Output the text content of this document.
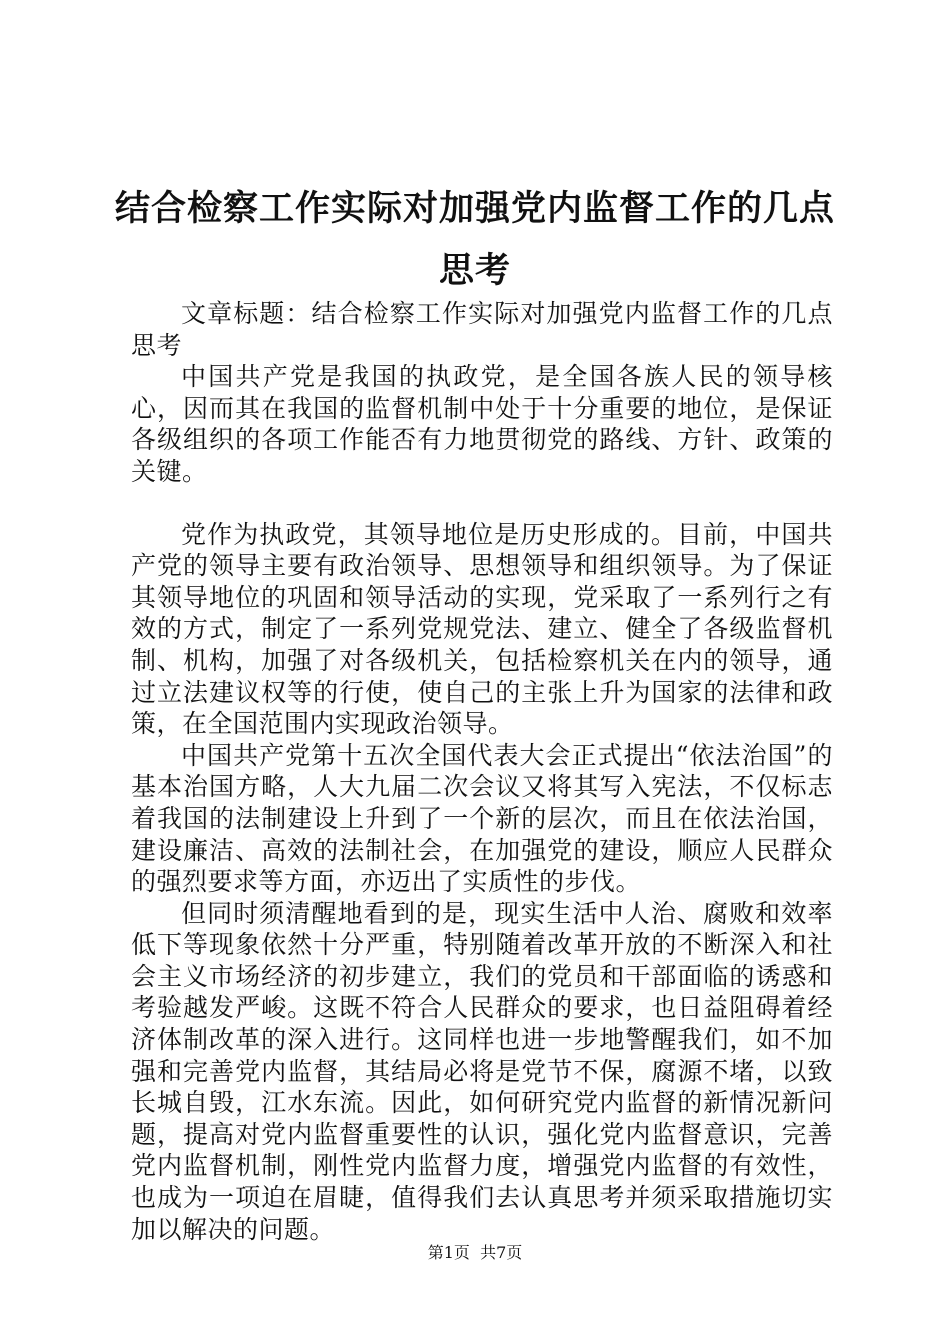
结合检察工作实际对加强党内监督工作的几点思考

文章标题：结合检察工作实际对加强党内监督工作的几点思考

中国共产党是我国的执政党，是全国各族人民的领导核心，因而其在我国的监督机制中处于十分重要的地位，是保证各级组织的各项工作能否有力地贯彻党的路线、方针、政策的关键。

党作为执政党，其领导地位是历史形成的。目前，中国共产党的领导主要有政治领导、思想领导和组织领导。为了保证其领导地位的巩固和领导活动的实现，党采取了一系列行之有效的方式，制定了一系列党规党法、建立、健全了各级监督机制、机构，加强了对各级机关，包括检察机关在内的领导，通过立法建议权等的行使，使自己的主张上升为国家的法律和政策，在全国范围内实现政治领导。

中国共产党第十五次全国代表大会正式提出“依法治国”的基本治国方略，人大九届二次会议又将其写入宪法，不仅标志着我国的法制建设上升到了一个新的层次，而且在依法治国，建设廉洁、高效的法制社会，在加强党的建设，顺应人民群众的强烈要求等方面，亦迈出了实质性的步伐。

但同时须清醒地看到的是，现实生活中人治、腐败和效率低下等现象依然十分严重，特别随着改革开放的不断深入和社会主义市场经济的初步建立，我们的党员和干部面临的诱惑和考验越发严峻。这既不符合人民群众的要求，也日益阻碍着经济体制改革的深入进行。这同样也进一步地警醒我们，如不加强和完善党内监督，其结局必将是党节不保，腐源不堵，以致长城自毁，江水东流。因此，如何研究党内监督的新情况新问题，提高对党内监督重要性的认识，强化党内监督意识，完善党内监督机制，刚性党内监督力度，增强党内监督的有效性，也成为一项迫在眉睫，值得我们去认真思考并须采取措施切实加以解决的问题。

第1页  共7页
